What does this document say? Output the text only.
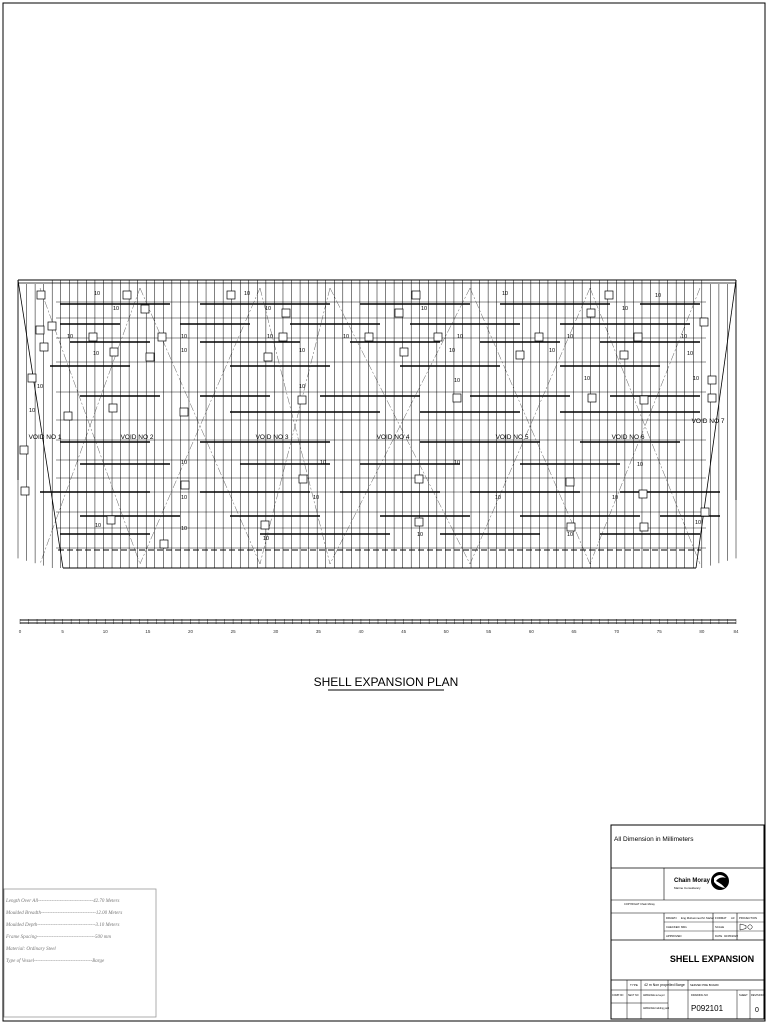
VOID NO 1	VOID NO 2	VOID NO 3	VOID NO 4	VOID NO 5	VOID NO 6
VOID NO 7
10	10	10	10
10	10	10	10
10	10	10	10	10	10	10
10	10	10	10	10	10
10
10	10	10
10
10
10	10	10	10
10	10	10	10
10	10
10
10	10
10
0	5	10	15	20	25	30	35	40	45	50	55	60	65	70	75	80	84
SHELL EXPANSION PLAN
All Dimension in Millimeters
Chain Moray
Marine Consultancy
COPYRIGHT Chain Moray
DRAWN Eng Mohammed M. Maher
CHECKED MRs
APPROVED
FORMAT A3 PROJECTION
SCALE
DATE 02/05/2022
SHELL EXPANSION
TYPE 42 m Non propelled Barge SERVED PRE BOARD
COMP NO SECT NO ARRANGE surveyor
ARRANGE building yard
DRAWING NO
P092101
SHEET REVISION
0
Length Over All---------------------------------42.70 Meters
Moulded Breadth---------------------------------12.00 Meters
Moulded Depth-----------------------------------3.10 Meters
Frame Spacing-----------------------------------500 mm
Material: Ordinary Steel
Type of Vessel-----------------------------------Barge
